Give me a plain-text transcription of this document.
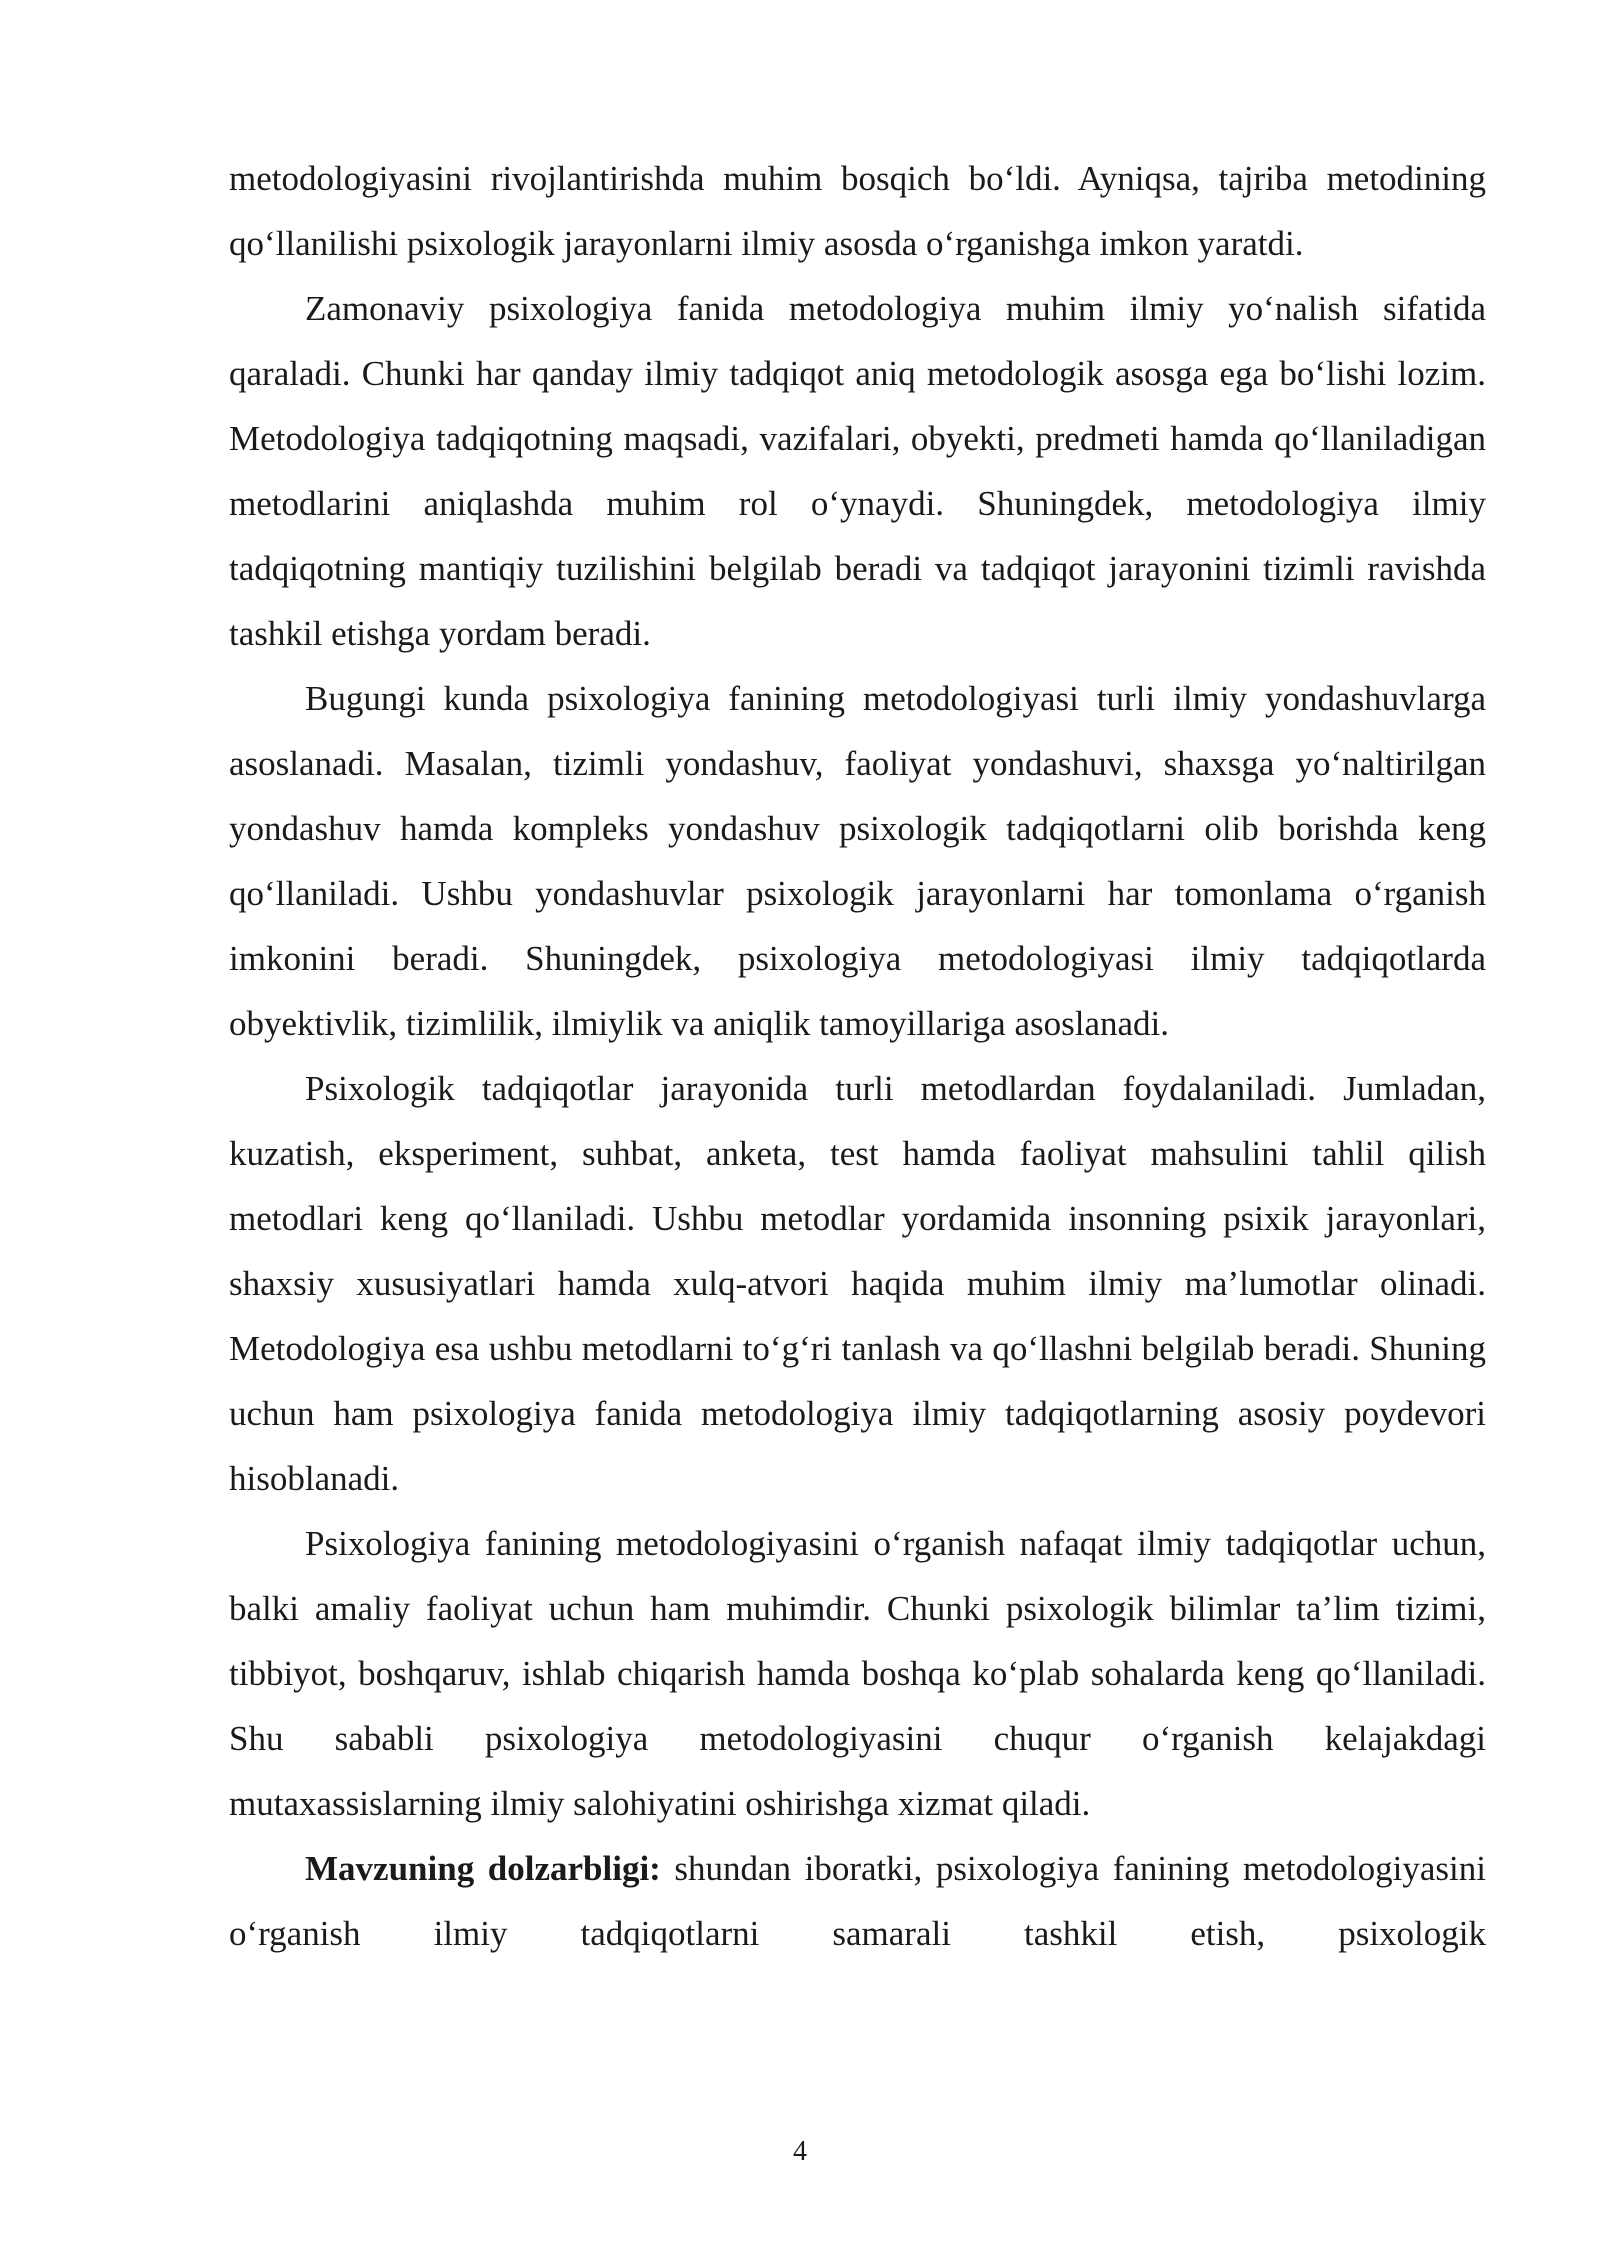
metodologiyasini rivojlantirishda muhim bosqich bo‘ldi. Ayniqsa, tajriba metodining qo‘llanilishi psixologik jarayonlarni ilmiy asosda o‘rganishga imkon yaratdi.

Zamonaviy psixologiya fanida metodologiya muhim ilmiy yo‘nalish sifatida qaraladi. Chunki har qanday ilmiy tadqiqot aniq metodologik asosga ega bo‘lishi lozim. Metodologiya tadqiqotning maqsadi, vazifalari, obyekti, predmeti hamda qo‘llaniladigan metodlarini aniqlashda muhim rol o‘ynaydi. Shuningdek, metodologiya ilmiy tadqiqotning mantiqiy tuzilishini belgilab beradi va tadqiqot jarayonini tizimli ravishda tashkil etishga yordam beradi.

Bugungi kunda psixologiya fanining metodologiyasi turli ilmiy yondashuvlarga asoslanadi. Masalan, tizimli yondashuv, faoliyat yondashuvi, shaxsga yo‘naltirilgan yondashuv hamda kompleks yondashuv psixologik tadqiqotlarni olib borishda keng qo‘llaniladi. Ushbu yondashuvlar psixologik jarayonlarni har tomonlama o‘rganish imkonini beradi. Shuningdek, psixologiya metodologiyasi ilmiy tadqiqotlarda obyektivlik, tizimlilik, ilmiylik va aniqlik tamoyillariga asoslanadi.

Psixologik tadqiqotlar jarayonida turli metodlardan foydalaniladi. Jumladan, kuzatish, eksperiment, suhbat, anketa, test hamda faoliyat mahsulini tahlil qilish metodlari keng qo‘llaniladi. Ushbu metodlar yordamida insonning psixik jarayonlari, shaxsiy xususiyatlari hamda xulq-atvori haqida muhim ilmiy ma’lumotlar olinadi. Metodologiya esa ushbu metodlarni to‘g‘ri tanlash va qo‘llashni belgilab beradi. Shuning uchun ham psixologiya fanida metodologiya ilmiy tadqiqotlarning asosiy poydevori hisoblanadi.

Psixologiya fanining metodologiyasini o‘rganish nafaqat ilmiy tadqiqotlar uchun, balki amaliy faoliyat uchun ham muhimdir. Chunki psixologik bilimlar ta’lim tizimi, tibbiyot, boshqaruv, ishlab chiqarish hamda boshqa ko‘plab sohalarda keng qo‘llaniladi. Shu sababli psixologiya metodologiyasini chuqur o‘rganish kelajakdagi mutaxassislarning ilmiy salohiyatini oshirishga xizmat qiladi.

Mavzuning dolzarbligi: shundan iboratki, psixologiya fanining metodologiyasini o‘rganish ilmiy tadqiqotlarni samarali tashkil etish, psixologik

4
